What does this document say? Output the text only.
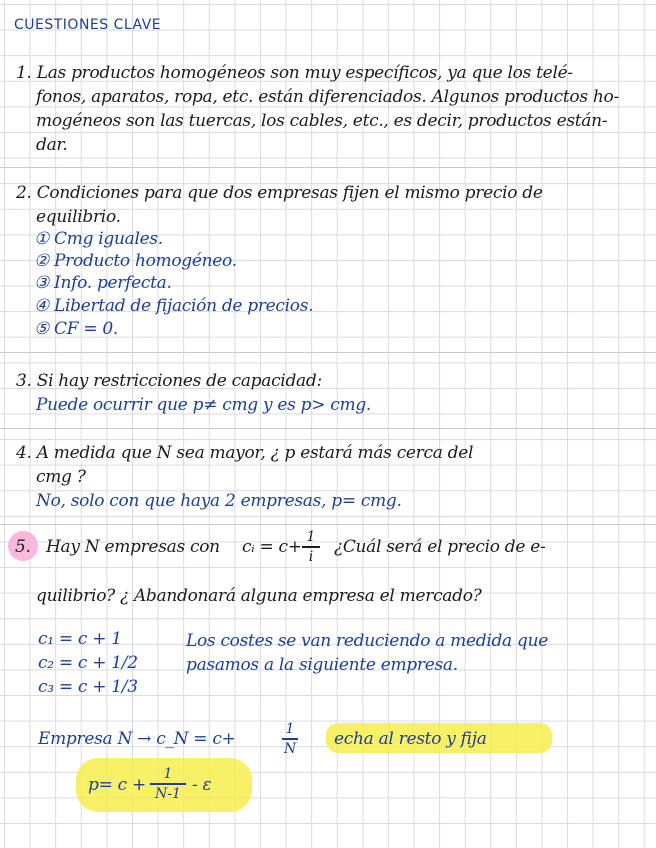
CUESTIONES CLAVE
1. Las productos homogéneos son muy específicos, ya que los telé-
fonos, aparatos, ropa, etc. están diferenciados. Algunos productos ho-
mogéneos son las tuercas, los cables, etc., es decir, productos están-
dar.
2. Condiciones para que dos empresas fijen el mismo precio de
equilibrio.
① Cmg iguales.
② Producto homogéneo.
③ Info. perfecta.
④ Libertad de fijación de precios.
⑤ CF = 0.
3. Si hay restricciones de capacidad:
Puede ocurrir que p≠ cmg y es p> cmg.
4. A medida que N sea mayor, ¿ p estará más cerca del
cmg ?
No, solo con que haya 2 empresas, p= cmg.
5. Hay N empresas con cᵢ = c+ 1
i	¿Cuál será el precio de e-
quilibrio? ¿ Abandonará alguna empresa el mercado?
c₁ = c + 1
c₂ = c + 1/2
c₃ = c + 1/3
Los costes se van reduciendo a medida que
pasamos a la siguiente empresa.
Empresa N → c_N = c+	1
N echa al resto y fija
p= c +
1
N-1 - ε
